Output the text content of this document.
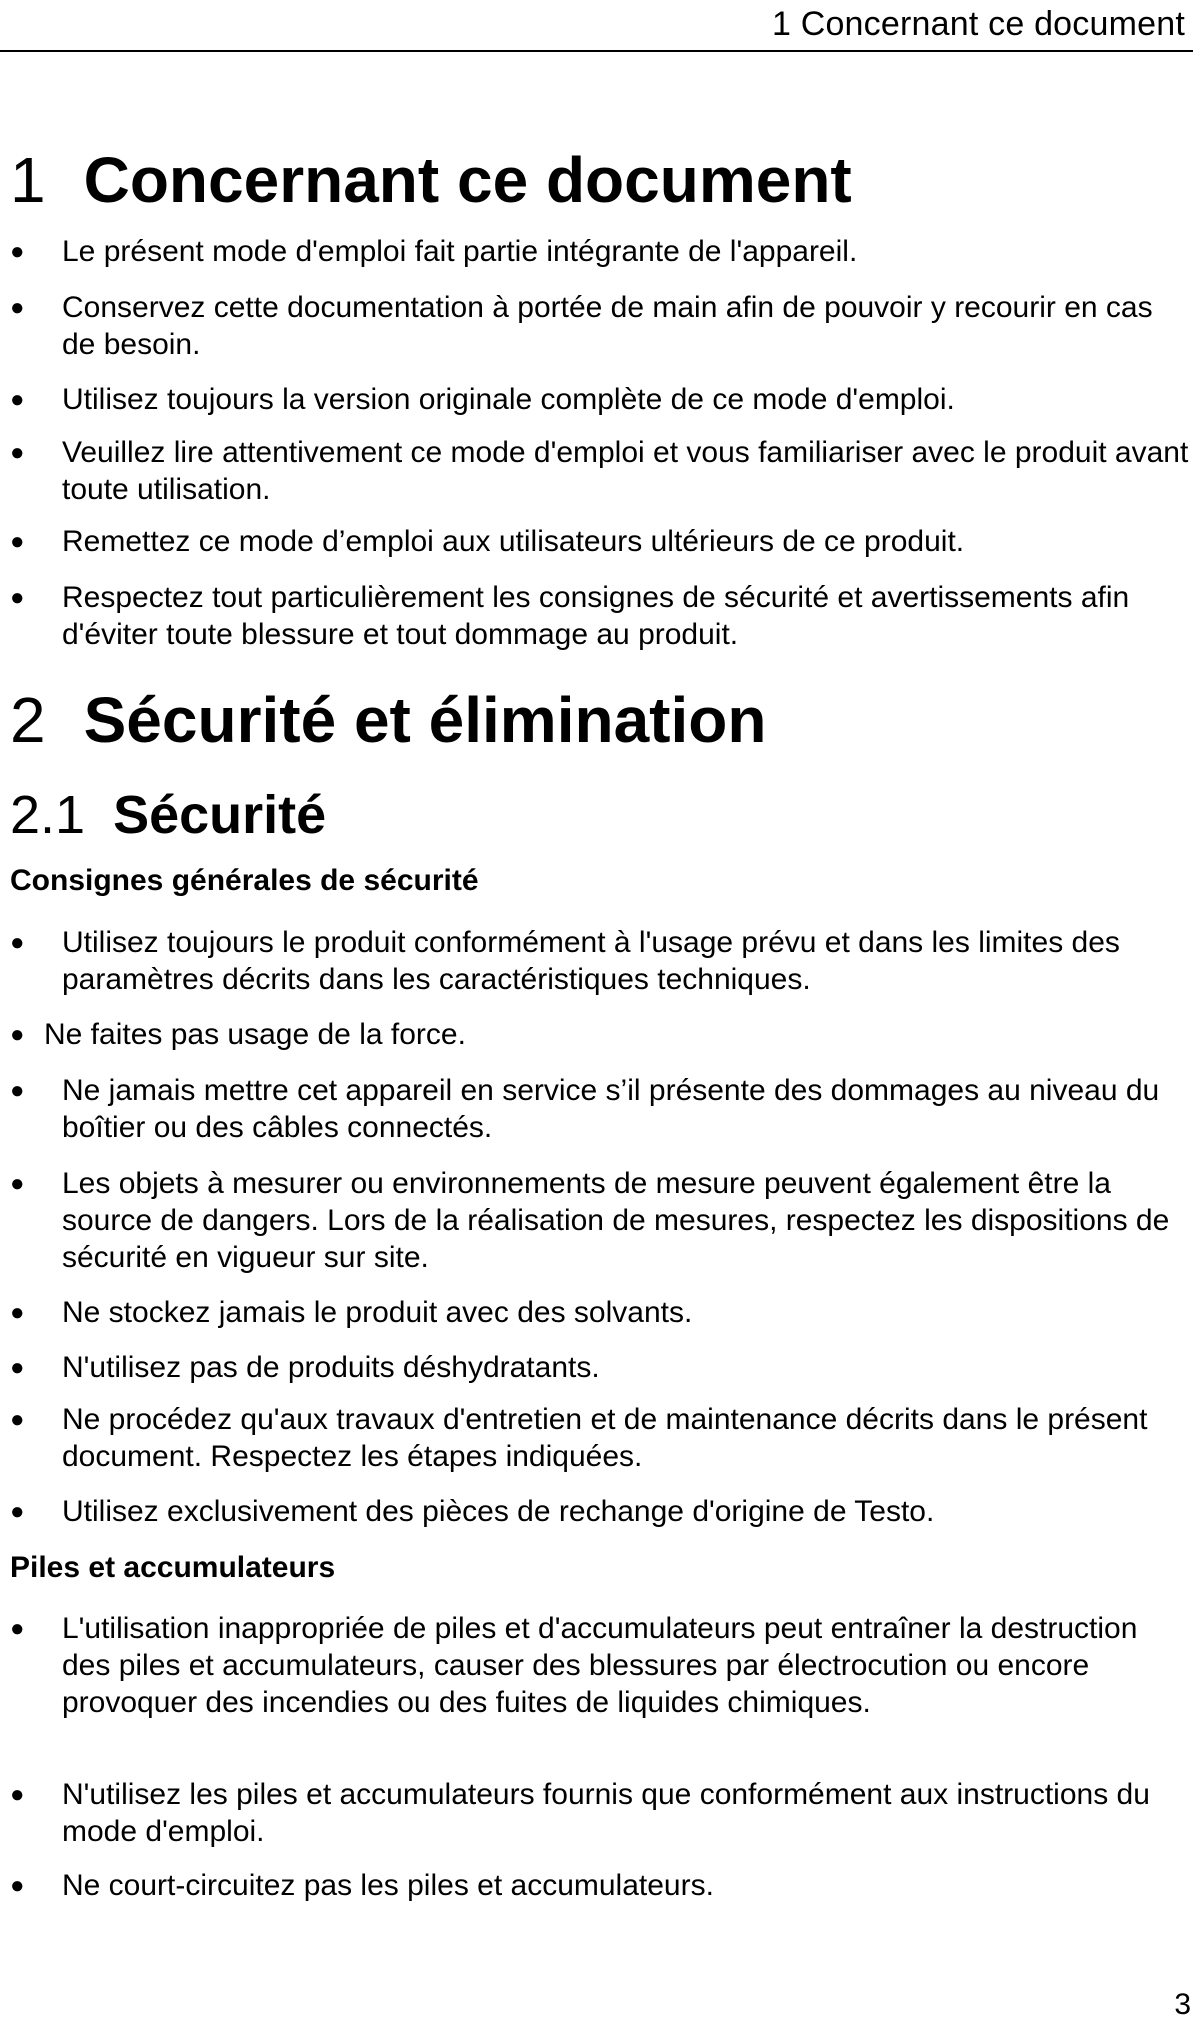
1 Concernant ce document
1 Concernant ce document
● Le présent mode d'emploi fait partie intégrante de l'appareil.
● Conservez cette documentation à portée de main afin de pouvoir y recourir en cas de besoin.
● Utilisez toujours la version originale complète de ce mode d'emploi.
● Veuillez lire attentivement ce mode d'emploi et vous familiariser avec le produit avant toute utilisation.
● Remettez ce mode d’emploi aux utilisateurs ultérieurs de ce produit.
● Respectez tout particulièrement les consignes de sécurité et avertissements afin d'éviter toute blessure et tout dommage au produit.
2 Sécurité et élimination
2.1 Sécurité
Consignes générales de sécurité
● Utilisez toujours le produit conformément à l'usage prévu et dans les limites des paramètres décrits dans les caractéristiques techniques.
● Ne faites pas usage de la force.
● Ne jamais mettre cet appareil en service s’il présente des dommages au niveau du boîtier ou des câbles connectés.
● Les objets à mesurer ou environnements de mesure peuvent également être la source de dangers. Lors de la réalisation de mesures, respectez les dispositions de sécurité en vigueur sur site.
● Ne stockez jamais le produit avec des solvants.
● N'utilisez pas de produits déshydratants.
● Ne procédez qu'aux travaux d'entretien et de maintenance décrits dans le présent document. Respectez les étapes indiquées.
● Utilisez exclusivement des pièces de rechange d'origine de Testo.
Piles et accumulateurs
● L'utilisation inappropriée de piles et d'accumulateurs peut entraîner la destruction des piles et accumulateurs, causer des blessures par électrocution ou encore provoquer des incendies ou des fuites de liquides chimiques.
● N'utilisez les piles et accumulateurs fournis que conformément aux instructions du mode d'emploi.
● Ne court-circuitez pas les piles et accumulateurs.
3
